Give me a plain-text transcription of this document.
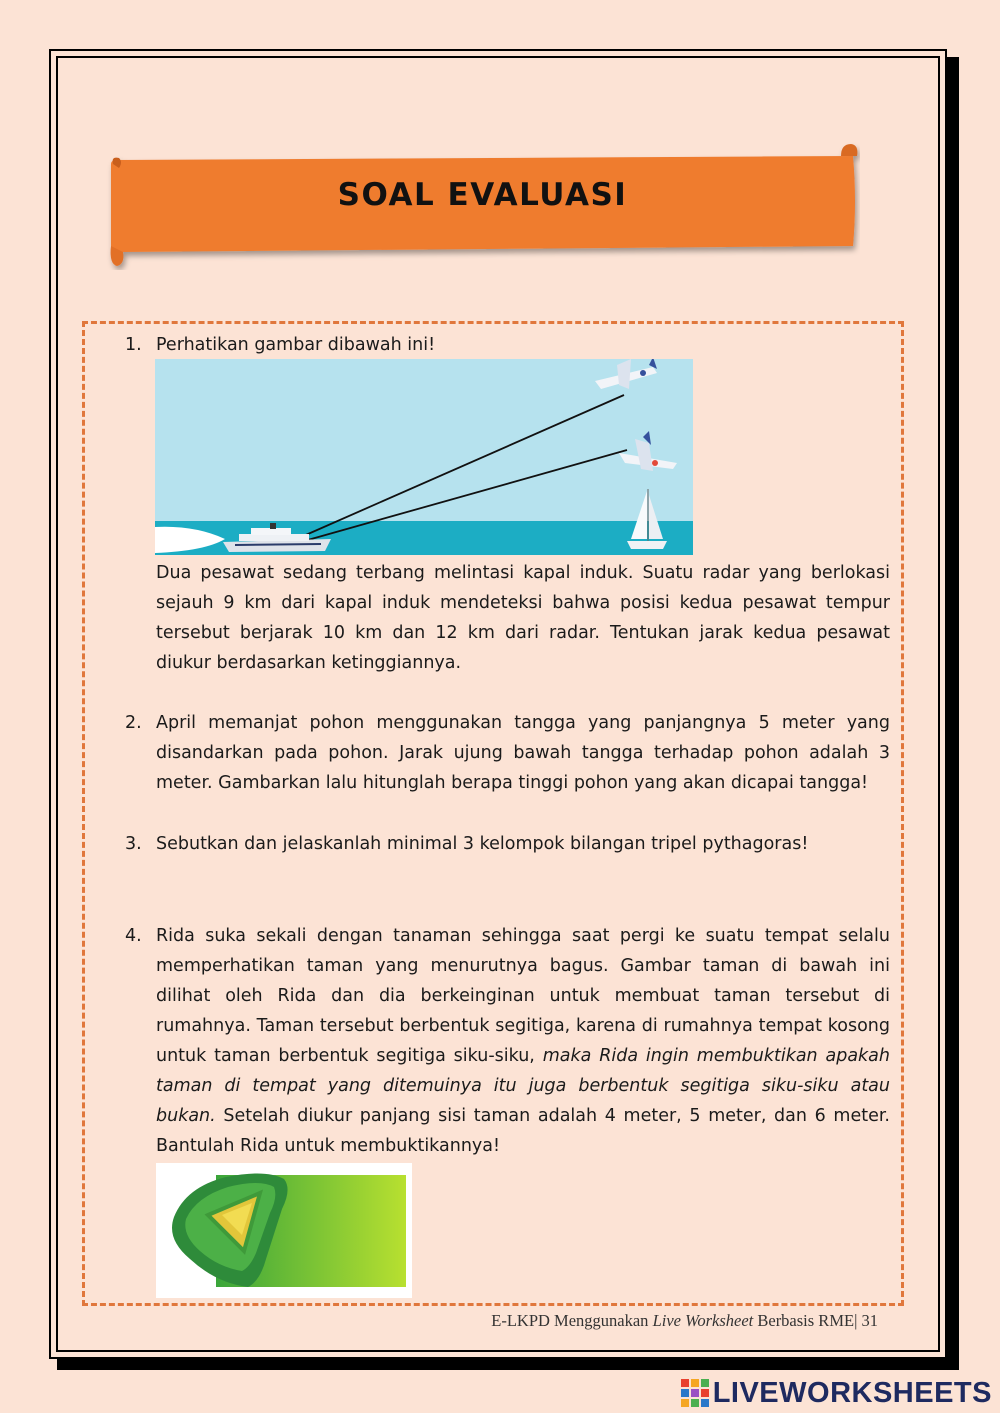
SOAL EVALUASI
1. Perhatikan gambar dibawah ini!

Dua pesawat sedang terbang melintasi kapal induk. Suatu radar yang berlokasi sejauh 9 km dari kapal induk mendeteksi bahwa posisi kedua pesawat tempur tersebut berjarak 10 km dan 12 km dari radar. Tentukan jarak kedua pesawat diukur berdasarkan ketinggiannya.

2. April memanjat pohon menggunakan tangga yang panjangnya 5 meter yang disandarkan pada pohon. Jarak ujung bawah tangga terhadap pohon adalah 3 meter. Gambarkan lalu hitunglah berapa tinggi pohon yang akan dicapai tangga!

3. Sebutkan dan jelaskanlah minimal 3 kelompok bilangan tripel pythagoras!

4. Rida suka sekali dengan tanaman sehingga saat pergi ke suatu tempat selalu memperhatikan taman yang menurutnya bagus. Gambar taman di bawah ini dilihat oleh Rida dan dia berkeinginan untuk membuat taman tersebut di rumahnya. Taman tersebut berbentuk segitiga, karena di rumahnya tempat kosong untuk taman berbentuk segitiga siku-siku, maka Rida ingin membuktikan apakah taman di tempat yang ditemuinya itu juga berbentuk segitiga siku-siku atau bukan. Setelah diukur panjang sisi taman adalah 4 meter, 5 meter, dan 6 meter. Bantulah Rida untuk membuktikannya!

E-LKPD Menggunakan Live Worksheet Berbasis RME| 31
LIVEWORKSHEETS
